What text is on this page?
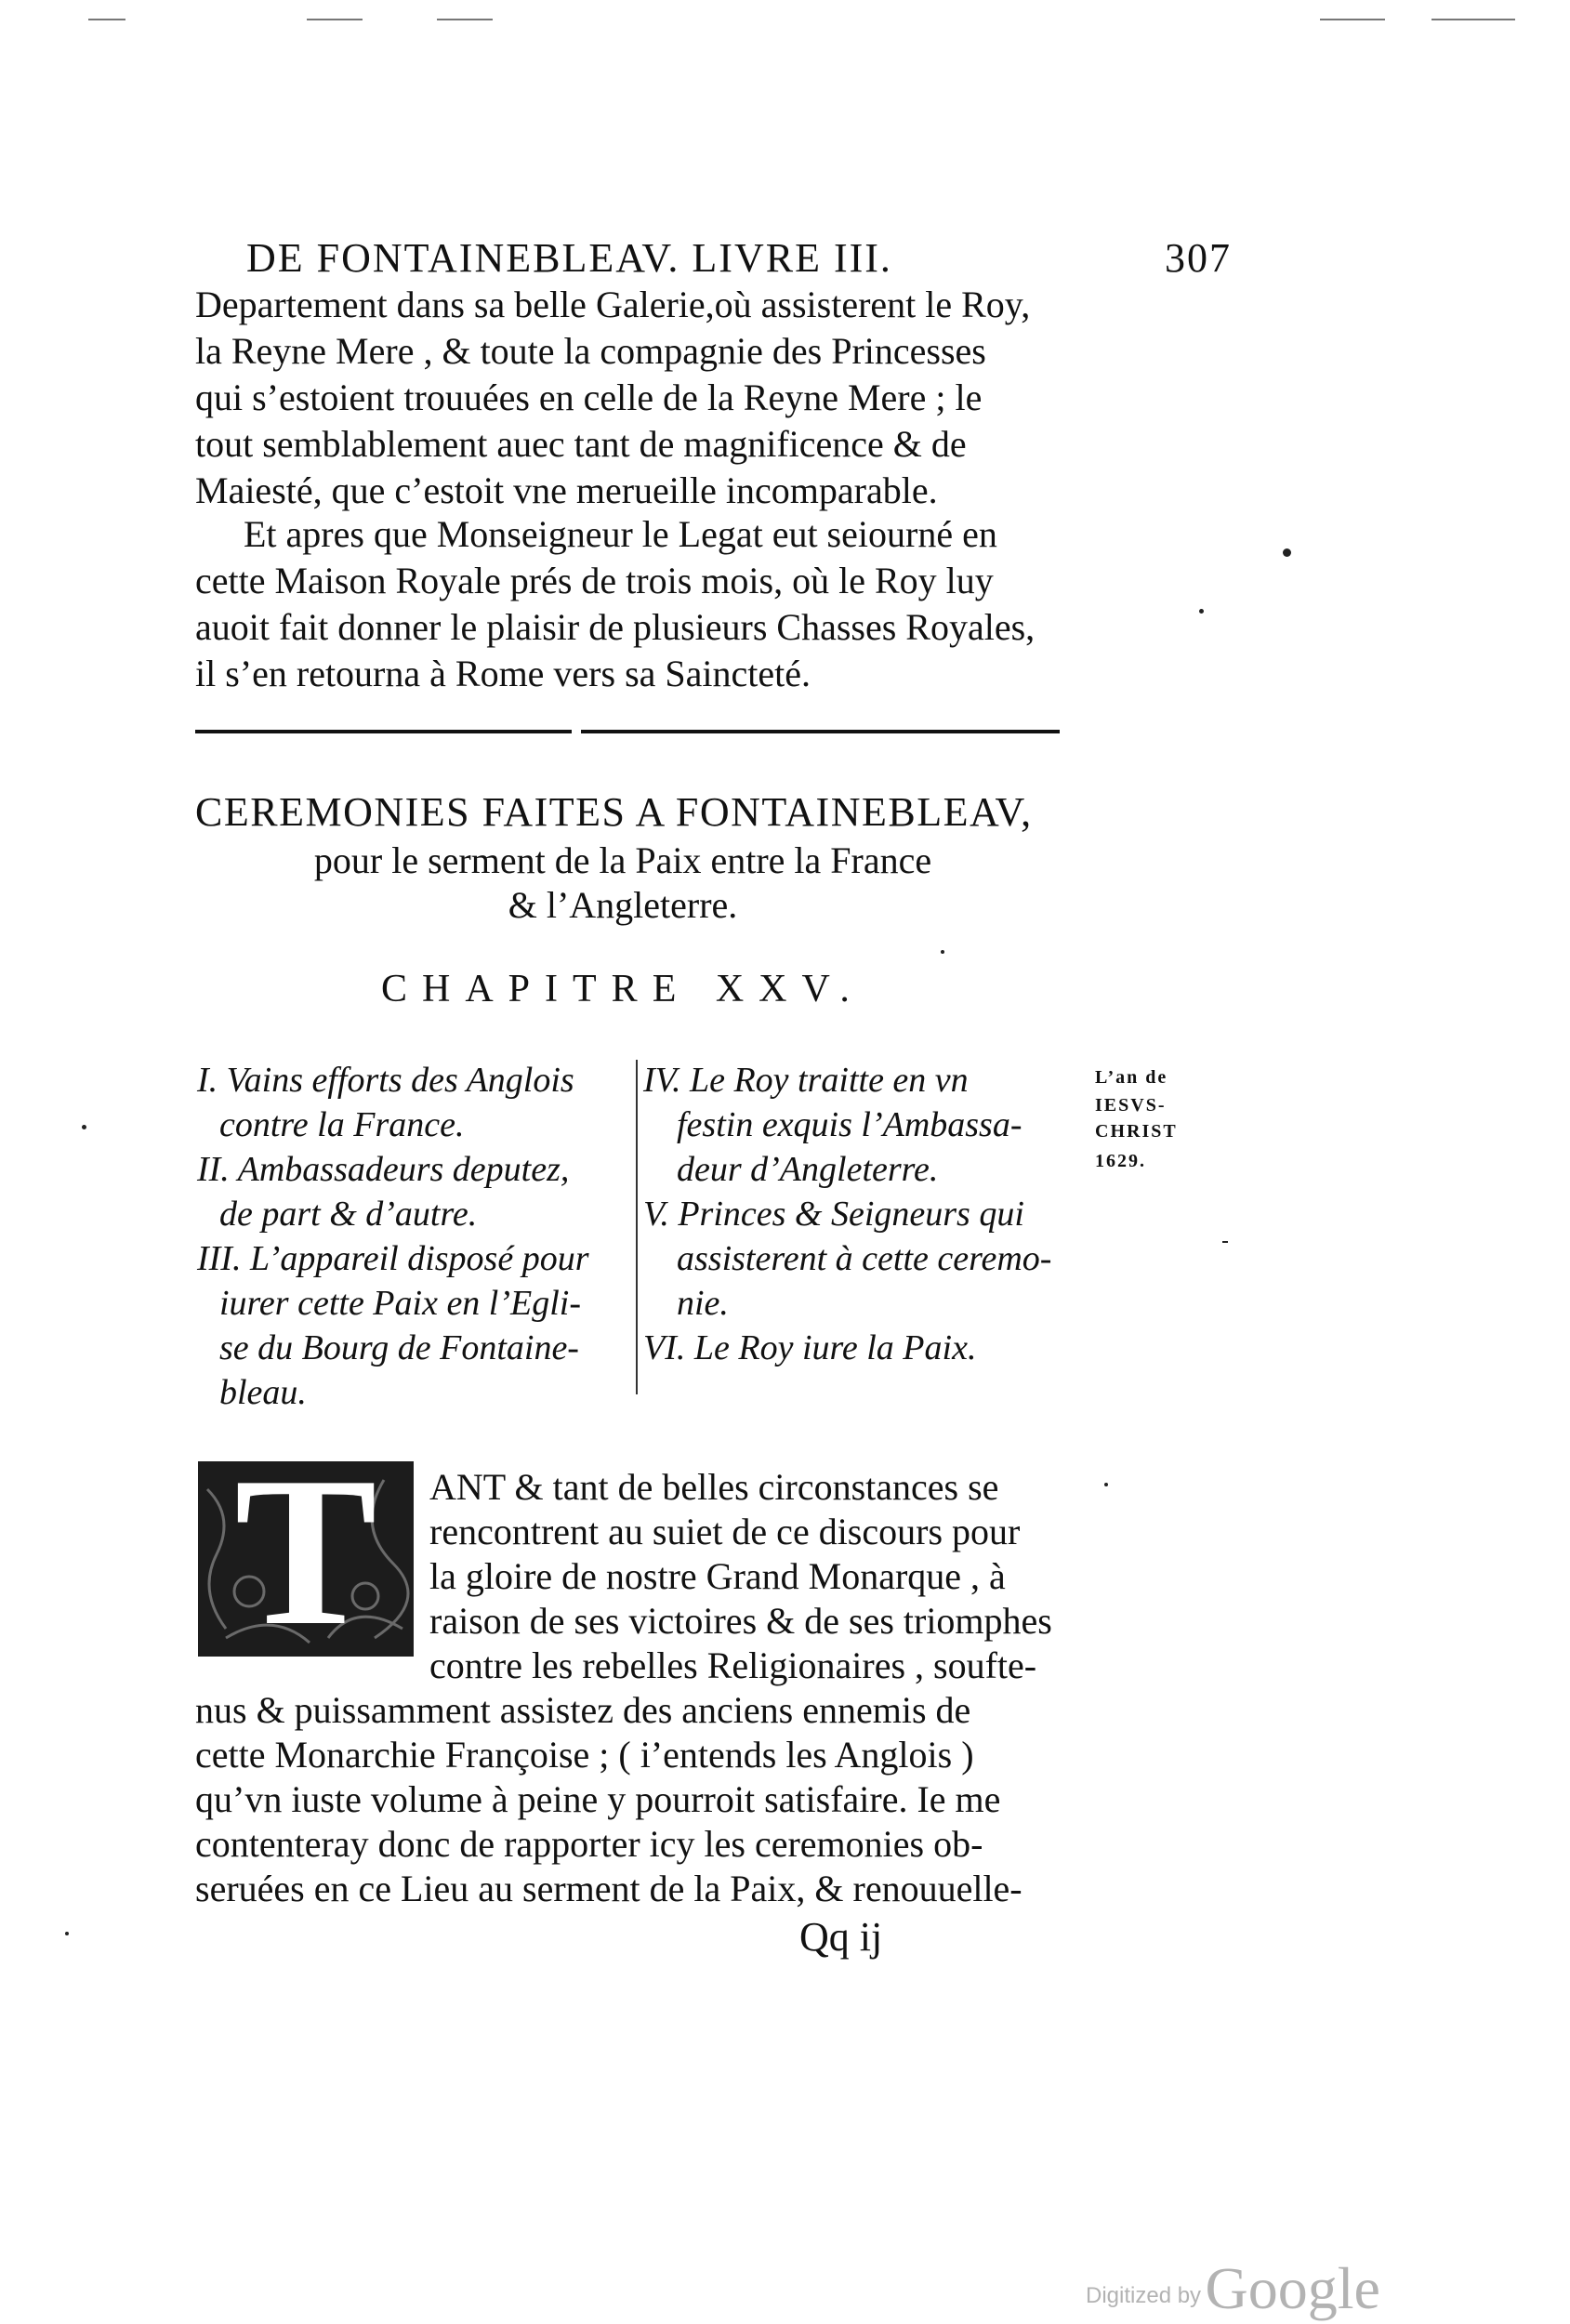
DE FONTAINEBLEAV. LIVRE III.	307
Departement dans sa belle Galerie,où assisterent le Roy,
la Reyne Mere , & toute la compagnie des Princesses
qui s’estoient trouuées en celle de la Reyne Mere ; le
tout semblablement auec tant de magnificence & de
Maiesté, que c’estoit vne merueille incomparable.
Et apres que Monseigneur le Legat eut seiourné en
cette Maison Royale prés de trois mois, où le Roy luy
auoit fait donner le plaisir de plusieurs Chasses Royales,
il s’en retourna à Rome vers sa Saincteté.
CEREMONIES FAITES A FONTAINEBLEAV,
pour le serment de la Paix entre la France
& l’Angleterre.
CHAPITRE XXV.
I. Vains efforts des Anglois
contre la France.
II. Ambassadeurs deputez,
de part & d’autre.
III. L’appareil disposé pour
iurer cette Paix en l’Egli-
se du Bourg de Fontaine-
bleau.
IV. Le Roy traitte en vn
festin exquis l’Ambassa-
deur d’Angleterre.
V. Princes & Seigneurs qui
assisterent à cette ceremo-
nie.
VI. Le Roy iure la Paix.
L’an de
IESVS-
CHRIST
1629.
T	ANT & tant de belles circonstances se
rencontrent au suiet de ce discours pour
la gloire de nostre Grand Monarque , à
raison de ses victoires & de ses triomphes
contre les rebelles Religionaires , soufte-
nus & puissamment assistez des anciens ennemis de
cette Monarchie Françoise ; ( i’entends les Anglois )
qu’vn iuste volume à peine y pourroit satisfaire. Ie me
contenteray donc de rapporter icy les ceremonies ob-
seruées en ce Lieu au serment de la Paix, & renouuelle-
Qq ij
Digitized by Google
